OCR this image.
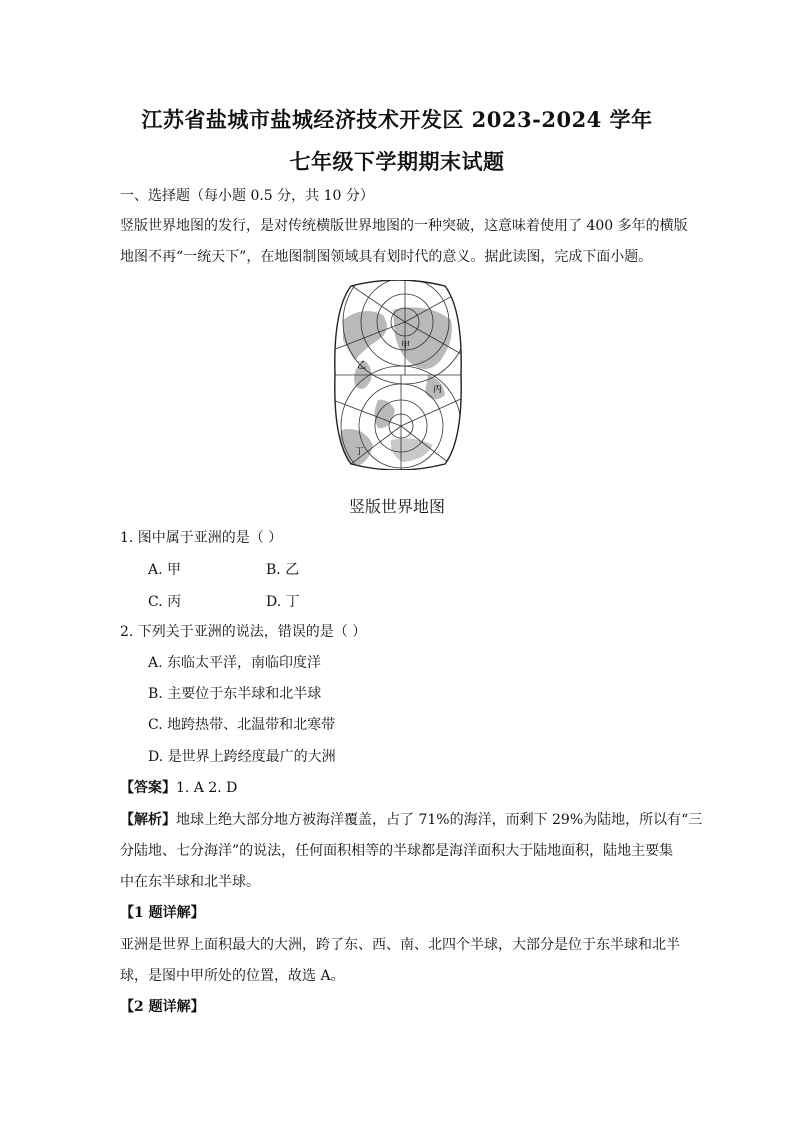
江苏省盐城市盐城经济技术开发区 2023-2024 学年
七年级下学期期末试题
一、选择题（每小题 0.5 分，共 10 分）
竖版世界地图的发行，是对传统横版世界地图的一种突破，这意味着使用了 400 多年的横版
地图不再“一统天下”，在地图制图领域具有划时代的意义。据此读图，完成下面小题。
甲
乙
丙
丁
竖版世界地图
1. 图中属于亚洲的是（ ）
A. 甲	B. 乙
C. 丙	D. 丁
2. 下列关于亚洲的说法，错误的是（ ）
A. 东临太平洋，南临印度洋
B. 主要位于东半球和北半球
C. 地跨热带、北温带和北寒带
D. 是世界上跨经度最广的大洲
【答案】1. A 2. D
【解析】地球上绝大部分地方被海洋覆盖，占了 71%的海洋，而剩下 29%为陆地，所以有“三
分陆地、七分海洋”的说法，任何面积相等的半球都是海洋面积大于陆地面积，陆地主要集
中在东半球和北半球。
【1 题详解】
亚洲是世界上面积最大的大洲，跨了东、西、南、北四个半球，大部分是位于东半球和北半
球，是图中甲所处的位置，故选 A。
【2 题详解】
